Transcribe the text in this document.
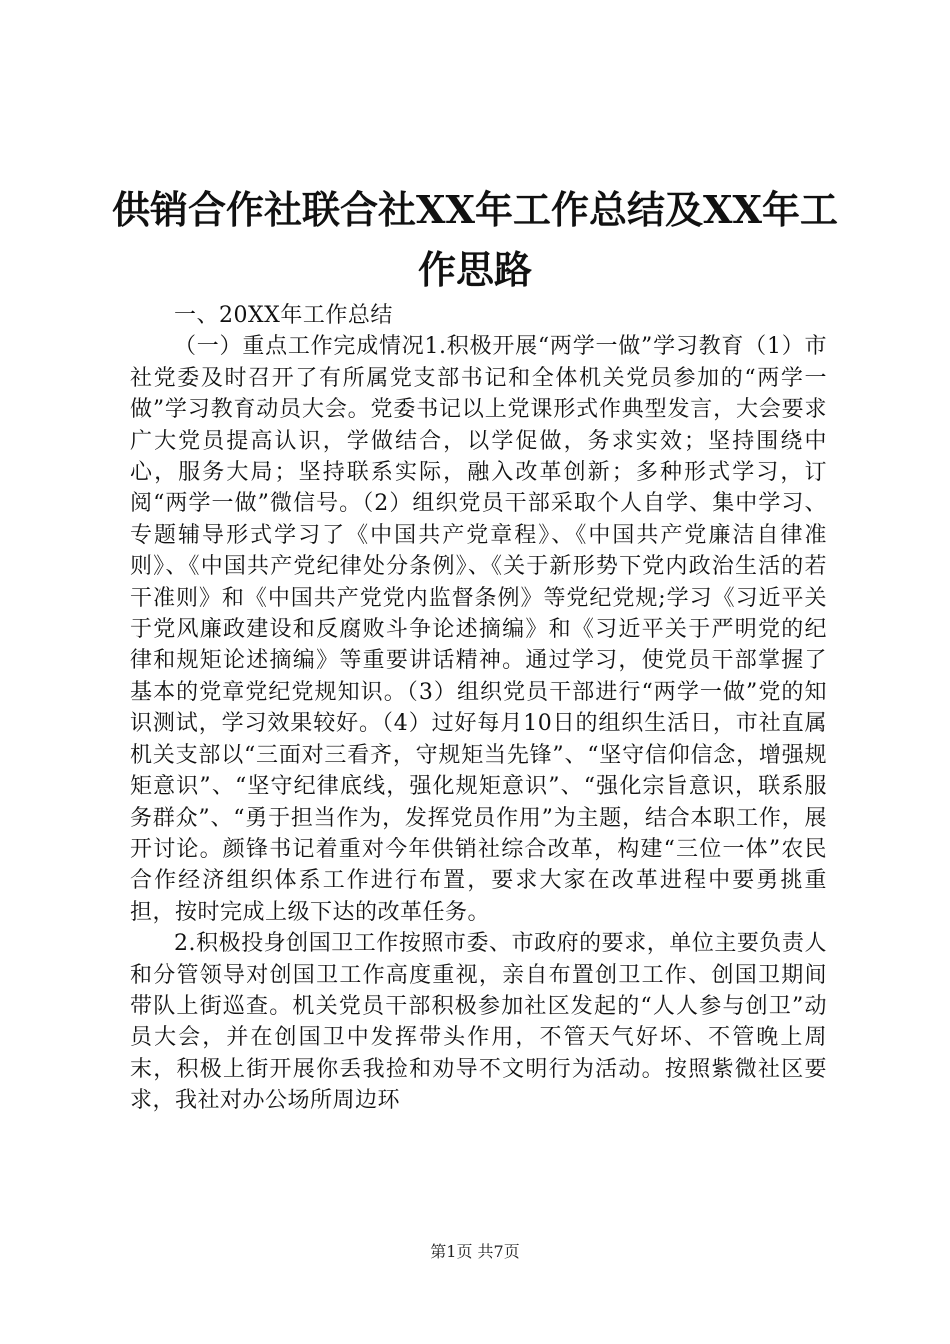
供销合作社联合社XX年工作总结及XX年工作思路

一、20XX年工作总结

（一）重点工作完成情况1.积极开展“两学一做”学习教育（1）市社党委及时召开了有所属党支部书记和全体机关党员参加的“两学一做”学习教育动员大会。党委书记以上党课形式作典型发言，大会要求广大党员提高认识，学做结合，以学促做，务求实效；坚持围绕中心，服务大局；坚持联系实际，融入改革创新；多种形式学习，订阅“两学一做”微信号。（2）组织党员干部采取个人自学、集中学习、专题辅导形式学习了《中国共产党章程》、《中国共产党廉洁自律准则》、《中国共产党纪律处分条例》、《关于新形势下党内政治生活的若干准则》和《中国共产党党内监督条例》等党纪党规;学习《习近平关于党风廉政建设和反腐败斗争论述摘编》和《习近平关于严明党的纪律和规矩论述摘编》等重要讲话精神。通过学习，使党员干部掌握了基本的党章党纪党规知识。（3）组织党员干部进行“两学一做”党的知识测试，学习效果较好。（4）过好每月10日的组织生活日，市社直属机关支部以“三面对三看齐，守规矩当先锋”、“坚守信仰信念，增强规矩意识”、“坚守纪律底线，强化规矩意识”、“强化宗旨意识，联系服务群众”、“勇于担当作为，发挥党员作用”为主题，结合本职工作，展开讨论。颜锋书记着重对今年供销社综合改革，构建“三位一体”农民合作经济组织体系工作进行布置，要求大家在改革进程中要勇挑重担，按时完成上级下达的改革任务。

2.积极投身创国卫工作按照市委、市政府的要求，单位主要负责人和分管领导对创国卫工作高度重视，亲自布置创卫工作、创国卫期间带队上街巡查。机关党员干部积极参加社区发起的“人人参与创卫”动员大会，并在创国卫中发挥带头作用，不管天气好坏、不管晚上周末，积极上街开展你丢我捡和劝导不文明行为活动。按照紫微社区要求，我社对办公场所周边环

第1页 共7页
